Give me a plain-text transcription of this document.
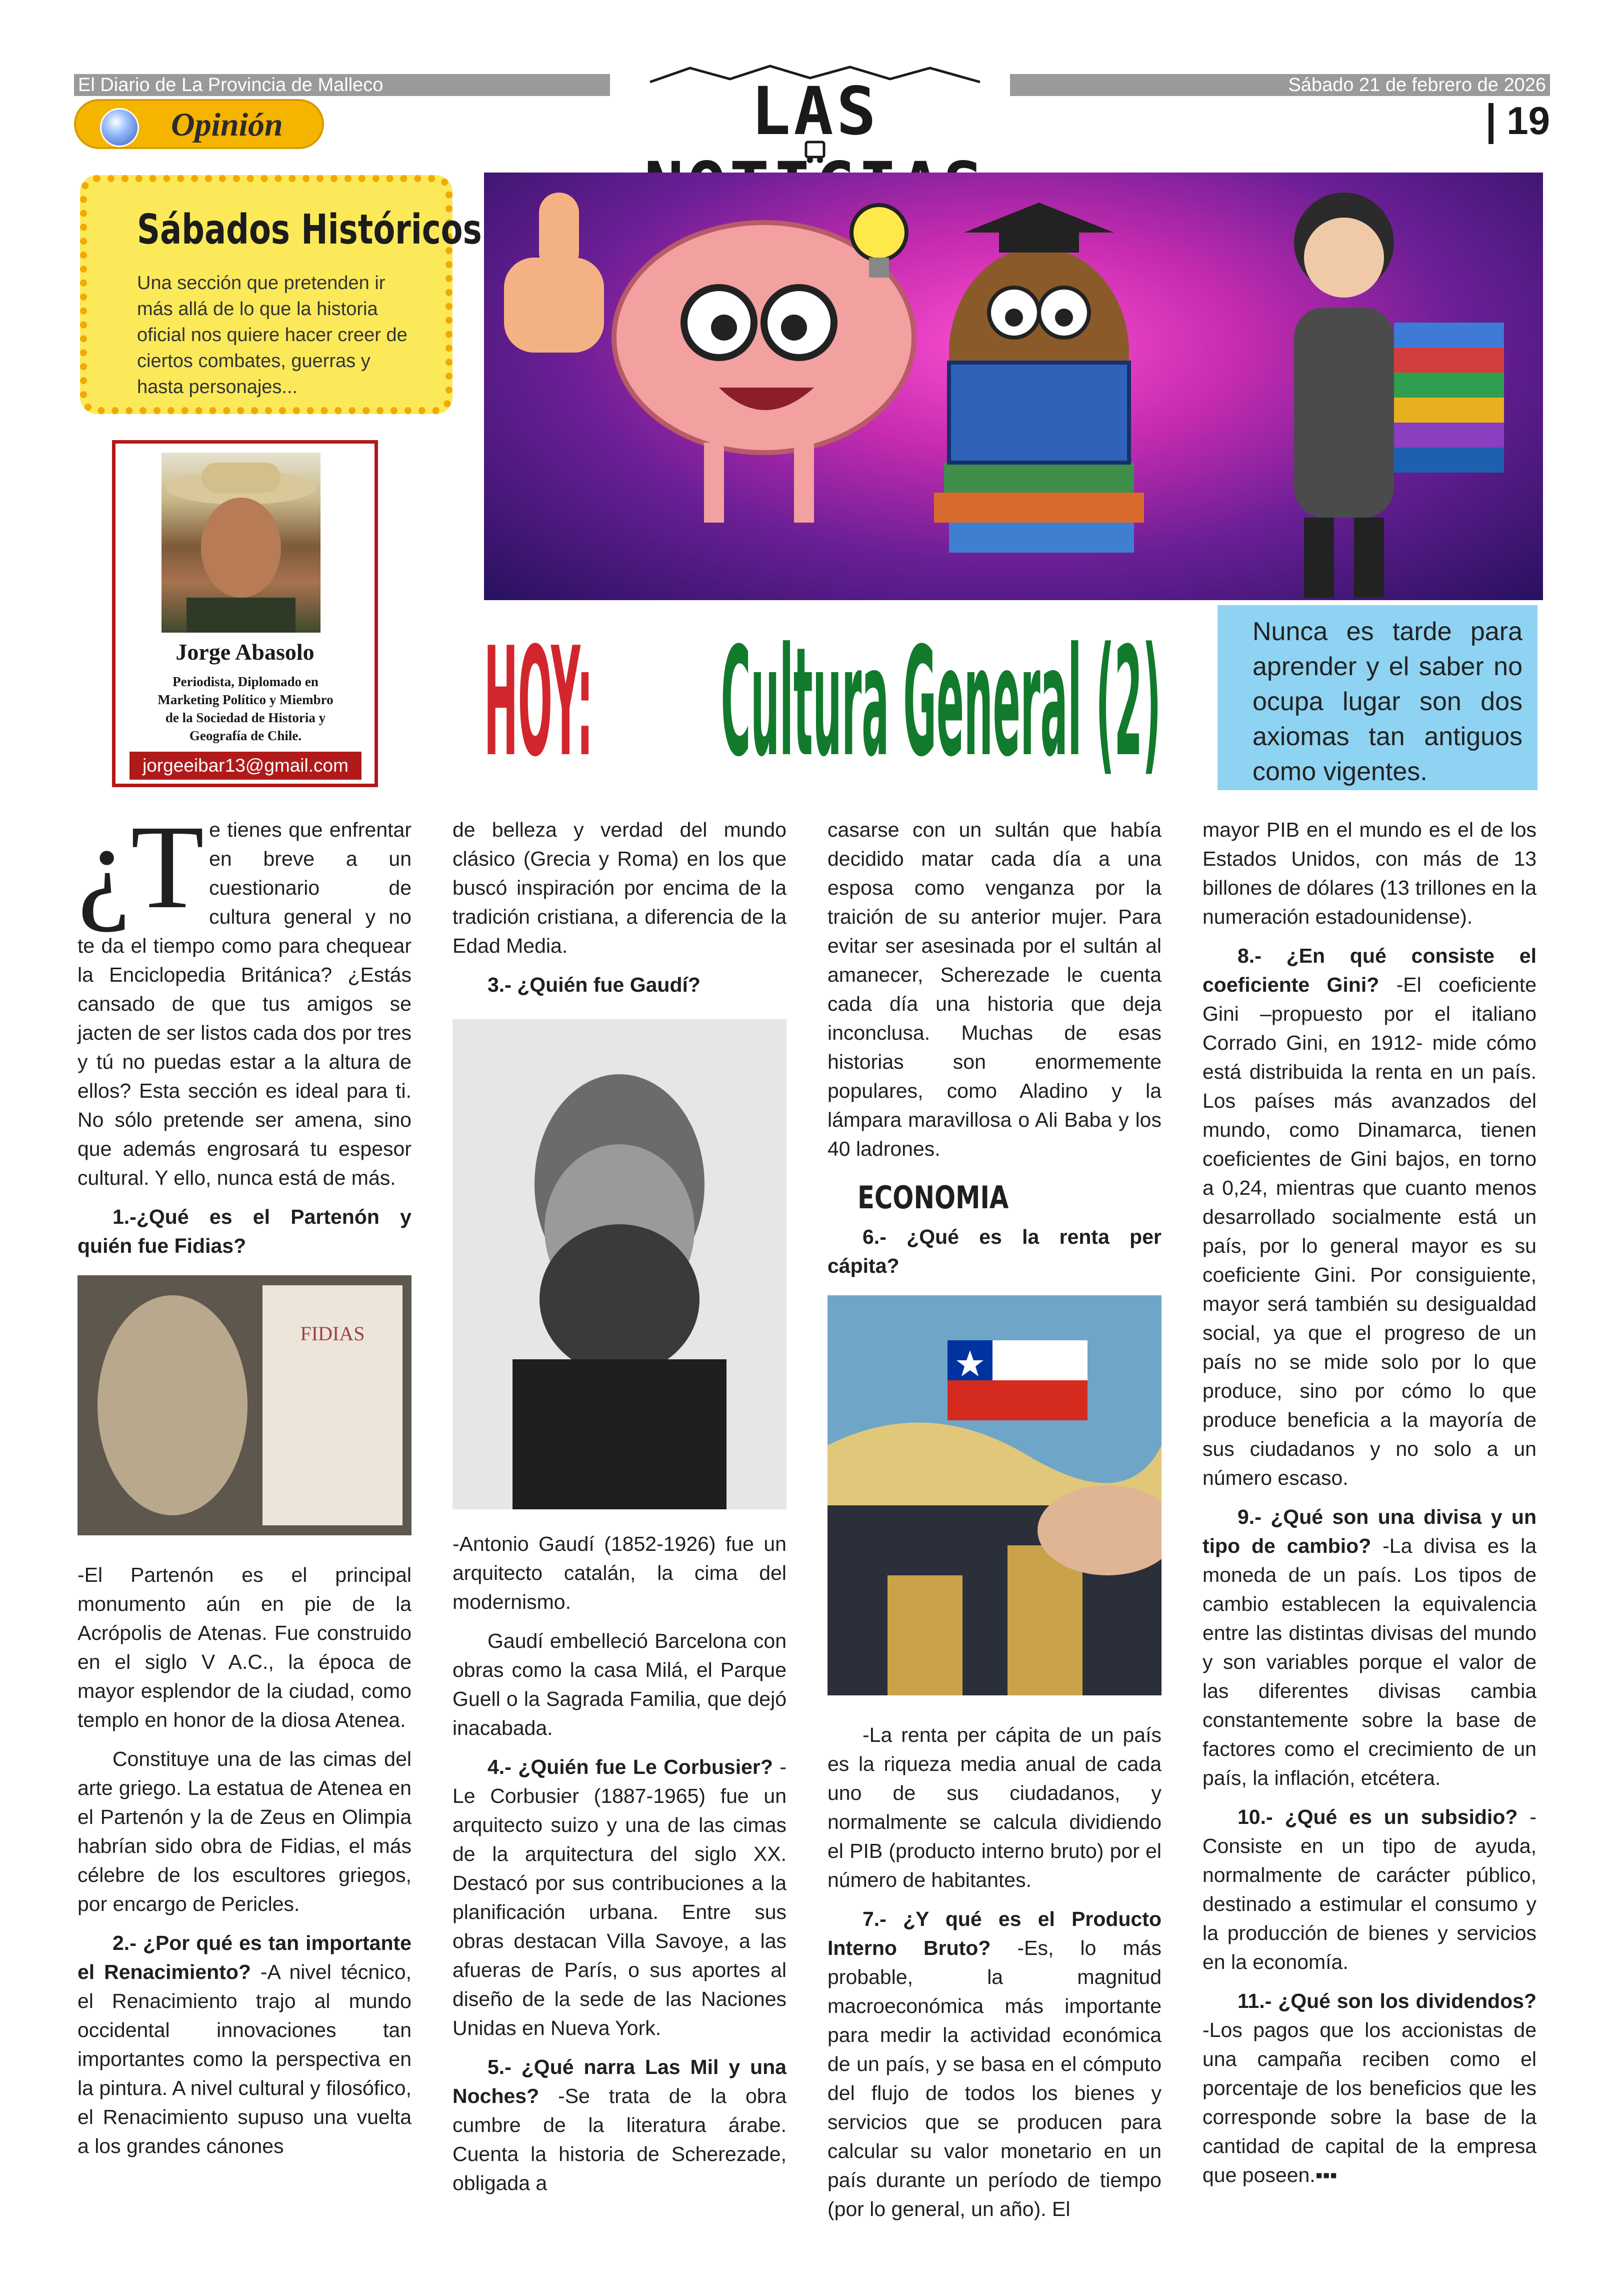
El Diario de La Provincia de Malleco	Sábado 21 de febrero de 2026
Opinión	LAS	19
Sábados Históricos

Una sección que pretenden ir más allá de lo que la historia oficial nos quiere hacer creer de ciertos combates, guerras y hasta personajes...

Jorge Abasolo
Periodista, Diplomado en Marketing Político y Miembro de la Sociedad de Historia y Geografía de Chile.
jorgeeibar13@gmail.com HOY: Cultura General (2)	Nunca es tarde para aprender y el saber no ocupa lugar son dos axiomas tan antiguos como vigentes.

¿T e tienes que enfrentar en breve a un cuestionario de cultura general y no te da el tiempo como para chequear la Enciclopedia Británica? ¿Estás cansado de que tus amigos se jacten de ser listos cada dos por tres y tú no puedas estar a la altura de ellos? Esta sección es ideal para ti. No sólo pretende ser amena, sino que además engrosará tu espesor cultural. Y ello, nunca está de más.

1.-¿Qué es el Partenón y quién fue Fidias?

FIDIAS

-El Partenón es el principal monumento aún en pie de la Acrópolis de Atenas. Fue construido en el siglo V A.C., la época de mayor esplendor de la ciudad, como templo en honor de la diosa Atenea.

Constituye una de las cimas del arte griego. La estatua de Atenea en el Partenón y la de Zeus en Olimpia habrían sido obra de Fidias, el más célebre de los escultores griegos, por encargo de Pericles.

2.- ¿Por qué es tan importante el Renacimiento? -A nivel técnico, el Renacimiento trajo al mundo occidental innovaciones tan importantes como la perspectiva en la pintura. A nivel cultural y filosófico, el Renacimiento supuso una vuelta a los grandes cánones

de belleza y verdad del mundo clásico (Grecia y Roma) en los que buscó inspiración por encima de la tradición cristiana, a diferencia de la Edad Media.

3.- ¿Quién fue Gaudí?

-Antonio Gaudí (1852-1926) fue un arquitecto catalán, la cima del modernismo.

Gaudí embelleció Barcelona con obras como la casa Milá, el Parque Guell o la Sagrada Familia, que dejó inacabada.

4.- ¿Quién fue Le Corbusier? -Le Corbusier (1887-1965) fue un arquitecto suizo y una de las cimas de la arquitectura del siglo XX. Destacó por sus contribuciones a la planificación urbana. Entre sus obras destacan Villa Savoye, a las afueras de París, o sus aportes al diseño de la sede de las Naciones Unidas en Nueva York.

5.- ¿Qué narra Las Mil y una Noches? -Se trata de la obra cumbre de la literatura árabe. Cuenta la historia de Scherezade, obligada a

casarse con un sultán que había decidido matar cada día a una esposa como venganza por la traición de su anterior mujer. Para evitar ser asesinada por el sultán al amanecer, Scherezade le cuenta cada día una historia que deja inconclusa. Muchas de esas historias son enormemente populares, como Aladino y la lámpara maravillosa o Ali Baba y los 40 ladrones.

ECONOMIA

6.- ¿Qué es la renta per cápita?

-La renta per cápita de un país es la riqueza media anual de cada uno de sus ciudadanos, y normalmente se calcula dividiendo el PIB (producto interno bruto) por el número de habitantes.

7.- ¿Y qué es el Producto Interno Bruto? -Es, lo más probable, la magnitud macroeconómica más importante para medir la actividad económica de un país, y se basa en el cómputo del flujo de todos los bienes y servicios que se producen para calcular su valor monetario en un país durante un período de tiempo (por lo general, un año). El

mayor PIB en el mundo es el de los Estados Unidos, con más de 13 billones de dólares (13 trillones en la numeración estadounidense).

8.- ¿En qué consiste el coeficiente Gini? -El coeficiente Gini –propuesto por el italiano Corrado Gini, en 1912- mide cómo está distribuida la renta en un país. Los países más avanzados del mundo, como Dinamarca, tienen coeficientes de Gini bajos, en torno a 0,24, mientras que cuanto menos desarrollado socialmente está un país, por lo general mayor es su coeficiente Gini. Por consiguiente, mayor será también su desigualdad social, ya que el progreso de un país no se mide solo por lo que produce, sino por cómo lo que produce beneficia a la mayoría de sus ciudadanos y no solo a un número escaso.

9.- ¿Qué son una divisa y un tipo de cambio? -La divisa es la moneda de un país. Los tipos de cambio establecen la equivalencia entre las distintas divisas del mundo y son variables porque el valor de las diferentes divisas cambia constantemente sobre la base de factores como el crecimiento de un país, la inflación, etcétera.

10.- ¿Qué es un subsidio? -Consiste en un tipo de ayuda, normalmente de carácter público, destinado a estimular el consumo y la producción de bienes y servicios en la economía.

11.- ¿Qué son los dividendos? -Los pagos que los accionistas de una campaña reciben como el porcentaje de los beneficios que les corresponde sobre la base de la cantidad de capital de la empresa que poseen.▪▪▪
